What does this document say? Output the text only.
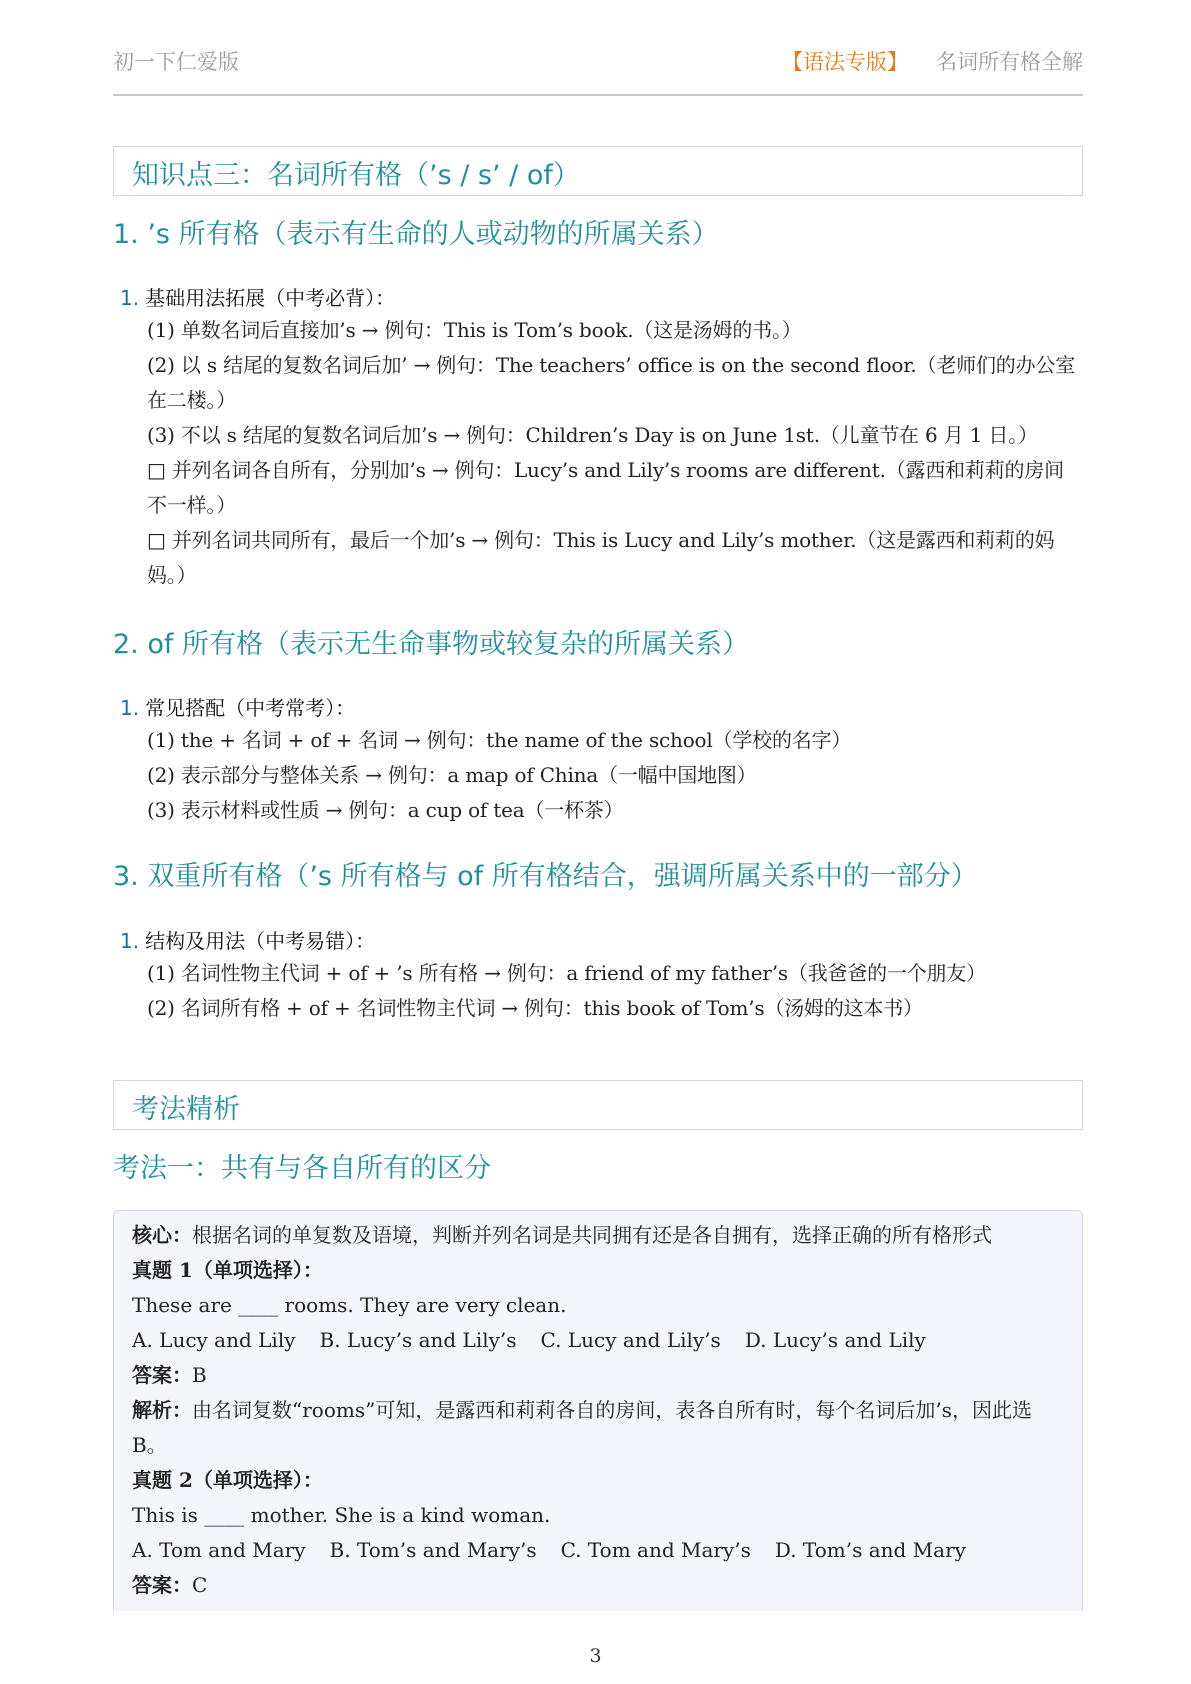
初一下仁爱版	【语法专版】 名词所有格全解
知识点三：名词所有格（’s / s’ / of）
1. ’s 所有格（表示有生命的人或动物的所属关系）
1. 基础用法拓展（中考必背）：
(1) 单数名词后直接加’s → 例句：This is Tom’s book.（这是汤姆的书。）
(2) 以 s 结尾的复数名词后加’ → 例句：The teachers’ office is on the second floor.（老师们的办公室在二楼。）
(3) 不以 s 结尾的复数名词后加’s → 例句：Children’s Day is on June 1st.（儿童节在 6 月 1 日。）
□ 并列名词各自所有，分别加’s → 例句：Lucy’s and Lily’s rooms are different.（露西和莉莉的房间不一样。）
□ 并列名词共同所有，最后一个加’s → 例句：This is Lucy and Lily’s mother.（这是露西和莉莉的妈妈。）
2. of 所有格（表示无生命事物或较复杂的所属关系）
1. 常见搭配（中考常考）：
(1) the + 名词 + of + 名词 → 例句：the name of the school（学校的名字）
(2) 表示部分与整体关系 → 例句：a map of China（一幅中国地图）
(3) 表示材料或性质 → 例句：a cup of tea（一杯茶）
3. 双重所有格（’s 所有格与 of 所有格结合，强调所属关系中的一部分）
1. 结构及用法（中考易错）：
(1) 名词性物主代词 + of + ’s 所有格 → 例句：a friend of my father’s（我爸爸的一个朋友）
(2) 名词所有格 + of + 名词性物主代词 → 例句：this book of Tom’s（汤姆的这本书）
考法精析
考法一：共有与各自所有的区分
核心：根据名词的单复数及语境，判断并列名词是共同拥有还是各自拥有，选择正确的所有格形式
真题 1（单项选择）：
These are ____ rooms. They are very clean.
A. Lucy and Lily B. Lucy’s and Lily’s C. Lucy and Lily’s D. Lucy’s and Lily
答案：B
解析：由名词复数“rooms”可知，是露西和莉莉各自的房间，表各自所有时，每个名词后加’s，因此选 B。
真题 2（单项选择）：
This is ____ mother. She is a kind woman.
A. Tom and Mary B. Tom’s and Mary’s C. Tom and Mary’s D. Tom’s and Mary
答案：C
3
